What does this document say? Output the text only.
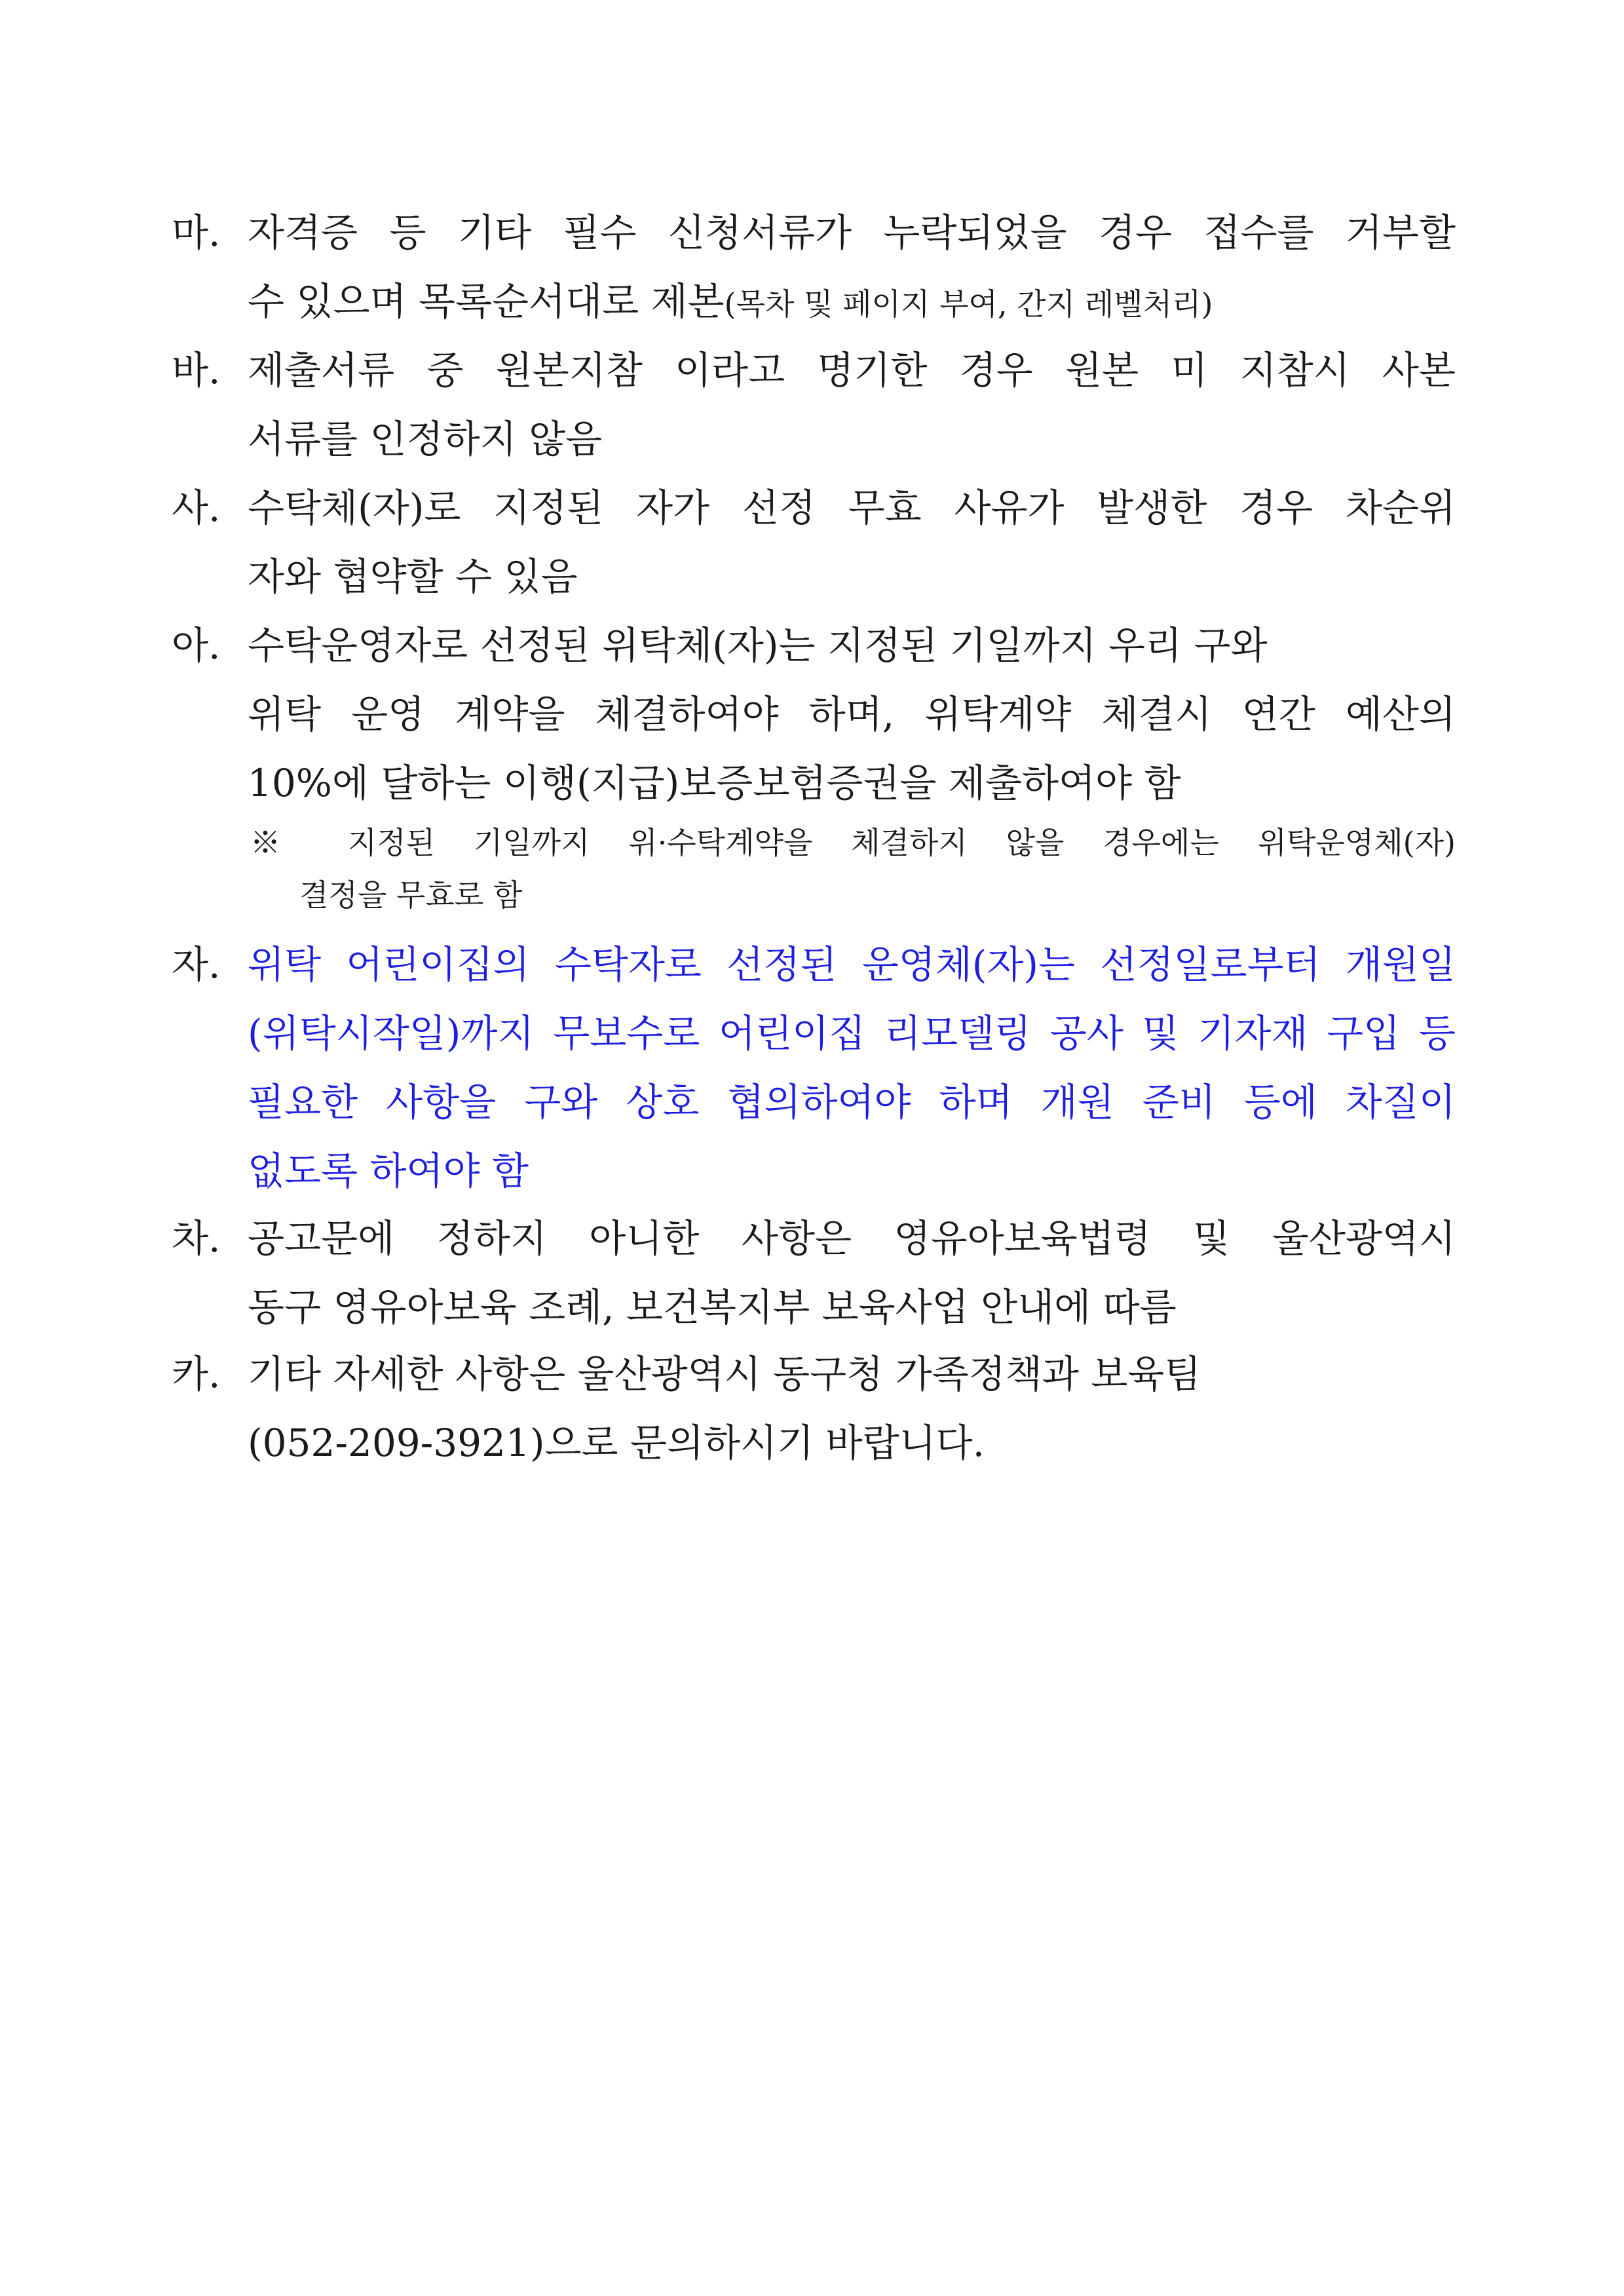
마. 자격증 등 기타 필수 신청서류가 누락되었을 경우 접수를 거부할
수 있으며 목록순서대로 제본(목차 및 페이지 부여, 간지 레벨처리)
바. 제출서류 중 원본지참 이라고 명기한 경우 원본 미 지참시 사본
서류를 인정하지 않음
사. 수탁체(자)로 지정된 자가 선정 무효 사유가 발생한 경우 차순위
자와 협약할 수 있음
아. 수탁운영자로 선정된 위탁체(자)는 지정된 기일까지 우리 구와
위탁 운영 계약을 체결하여야 하며, 위탁계약 체결시 연간 예산의
10%에 달하는 이행(지급)보증보험증권을 제출하여야 함
※ 지정된 기일까지 위·수탁계약을 체결하지 않을 경우에는 위탁운영체(자)
결정을 무효로 함
자. 위탁 어린이집의 수탁자로 선정된 운영체(자)는 선정일로부터 개원일
(위탁시작일)까지 무보수로 어린이집 리모델링 공사 및 기자재 구입 등
필요한 사항을 구와 상호 협의하여야 하며 개원 준비 등에 차질이
없도록 하여야 함
차. 공고문에 정하지 아니한 사항은 영유아보육법령 및 울산광역시
동구 영유아보육 조례, 보건복지부 보육사업 안내에 따름
카. 기타 자세한 사항은 울산광역시 동구청 가족정책과 보육팀
(052-209-3921)으로 문의하시기 바랍니다.
